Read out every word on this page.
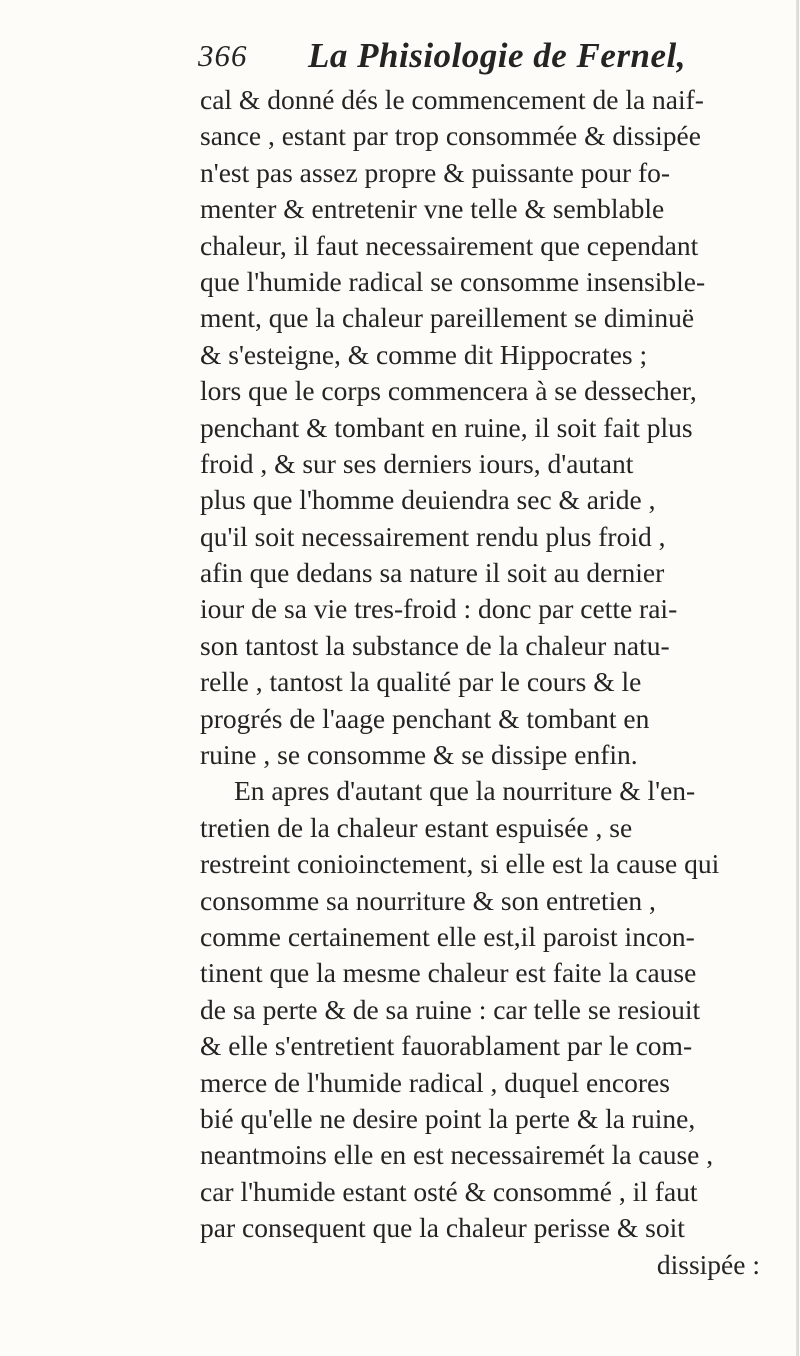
366 La Phisiologie de Fernel,
cal & donné dés le commencement de la naif-
sance , estant par trop consommée & dissipée
n'est pas assez propre & puissante pour fo-
menter & entretenir vne telle & semblable
chaleur, il faut necessairement que cependant
que l'humide radical se consomme insensible-
ment, que la chaleur pareillement se diminuë
& s'esteigne, & comme dit Hippocrates ;
lors que le corps commencera à se dessecher,
penchant & tombant en ruine, il soit fait plus
froid , & sur ses derniers iours, d'autant
plus que l'homme deuiendra sec & aride ,
qu'il soit necessairement rendu plus froid ,
afin que dedans sa nature il soit au dernier
iour de sa vie tres-froid : donc par cette rai-
son tantost la substance de la chaleur natu-
relle , tantost la qualité par le cours & le
progrés de l'aage penchant & tombant en
ruine , se consomme & se dissipe enfin.
En apres d'autant que la nourriture & l'en-
tretien de la chaleur estant espuisée , se
restreint conioinctement, si elle est la cause qui
consomme sa nourriture & son entretien ,
comme certainement elle est,il paroist incon-
tinent que la mesme chaleur est faite la cause
de sa perte & de sa ruine : car telle se resiouit
& elle s'entretient fauorablament par le com-
merce de l'humide radical , duquel encores
bié qu'elle ne desire point la perte & la ruine,
neantmoins elle en est necessairemét la cause ,
car l'humide estant osté & consommé , il faut
par consequent que la chaleur perisse & soit
dissipée :
